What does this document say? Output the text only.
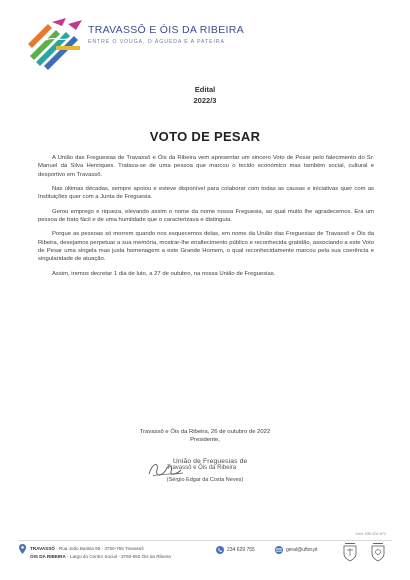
TRAVASSÔ E ÓIS DA RIBEIRA
ENTRE O VOUGA, O ÁGUEDA E A PATEIRA
Edital
2022/3
VOTO DE PESAR

A União das Freguesias de Travassô e Óis da Ribeira vem apresentar um sincero Voto de Pesar pelo falecimento do Sr. Manuel da Silva Henriques. Tratava-se de uma pessoa que marcou o tecido económico mas também social, cultural e desportivo em Travassô.

Nas últimas décadas, sempre apoiou e esteve disponível para colaborar com todas as causas e iniciativas quer com as Instituições quer com a Junta de Freguesia.

Gerou emprego e riqueza, elevando assim o nome da nome nossa Freguesia, ao qual muito lhe agradecemos. Era um pessoa de trato fácil e de uma humildade que o caracterizava e distinguia.

Porque as pessoas só morrem quando nos esquecemos delas, em nome da União das Freguesias de Travassô e Óis da Ribeira, desejamos perpetuar a sua memória, mostrar-lhe enaltecimento público e reconhecida gratidão, associando a este Voto de Pesar uma singela mas justa homenagem a este Grande Homem, o qual reconhecidamente marcou pela sua coerência e singularidade de atuação.

Assim, iremos decretar 1 dia de luto, a 27 de outubro, na nossa União de Freguesias.

Travassô e Óis da Ribeira, 26 de outubro de 2022
Presidente,
União de Freguesias de
Travassô e Óis da Ribeira
(Sérgio Edgar da Costa Neves)
Cert. 030 004 671
TRAVASSÔ - Rua João Batista 95 - 3750-755 Travassô
ÓIS DA RIBEIRA - Largo do Centro Social - 3750-650 Óis da Ribeira
234 629 755	geral@uftor.pt
